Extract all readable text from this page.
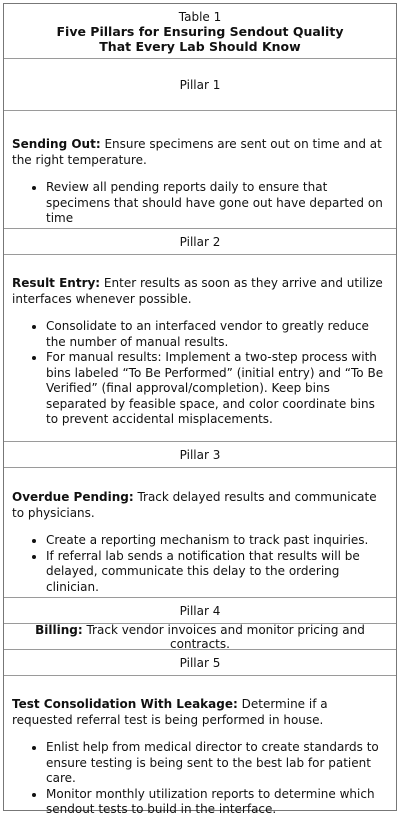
Table 1
Five Pillars for Ensuring Sendout Quality
That Every Lab Should Know
Pillar 1

Sending Out: Ensure specimens are sent out on time and at the right temperature.

• Review all pending reports daily to ensure that specimens that should have gone out have departed on time
Pillar 2

Result Entry: Enter results as soon as they arrive and utilize interfaces whenever possible.

• Consolidate to an interfaced vendor to greatly reduce the number of manual results.
• For manual results: Implement a two-step process with bins labeled “To Be Performed” (initial entry) and “To Be Verified” (final approval/completion). Keep bins separated by feasible space, and color coordinate bins to prevent accidental misplacements.
Pillar 3

Overdue Pending: Track delayed results and communicate to physicians.

• Create a reporting mechanism to track past inquiries.
• If referral lab sends a notification that results will be delayed, communicate this delay to the ordering clinician.
Pillar 4

Billing: Track vendor invoices and monitor pricing and contracts.

Pillar 5

Test Consolidation With Leakage: Determine if a requested referral test is being performed in house.

• Enlist help from medical director to create standards to ensure testing is being sent to the best lab for patient care.
• Monitor monthly utilization reports to determine which sendout tests to build in the interface.
